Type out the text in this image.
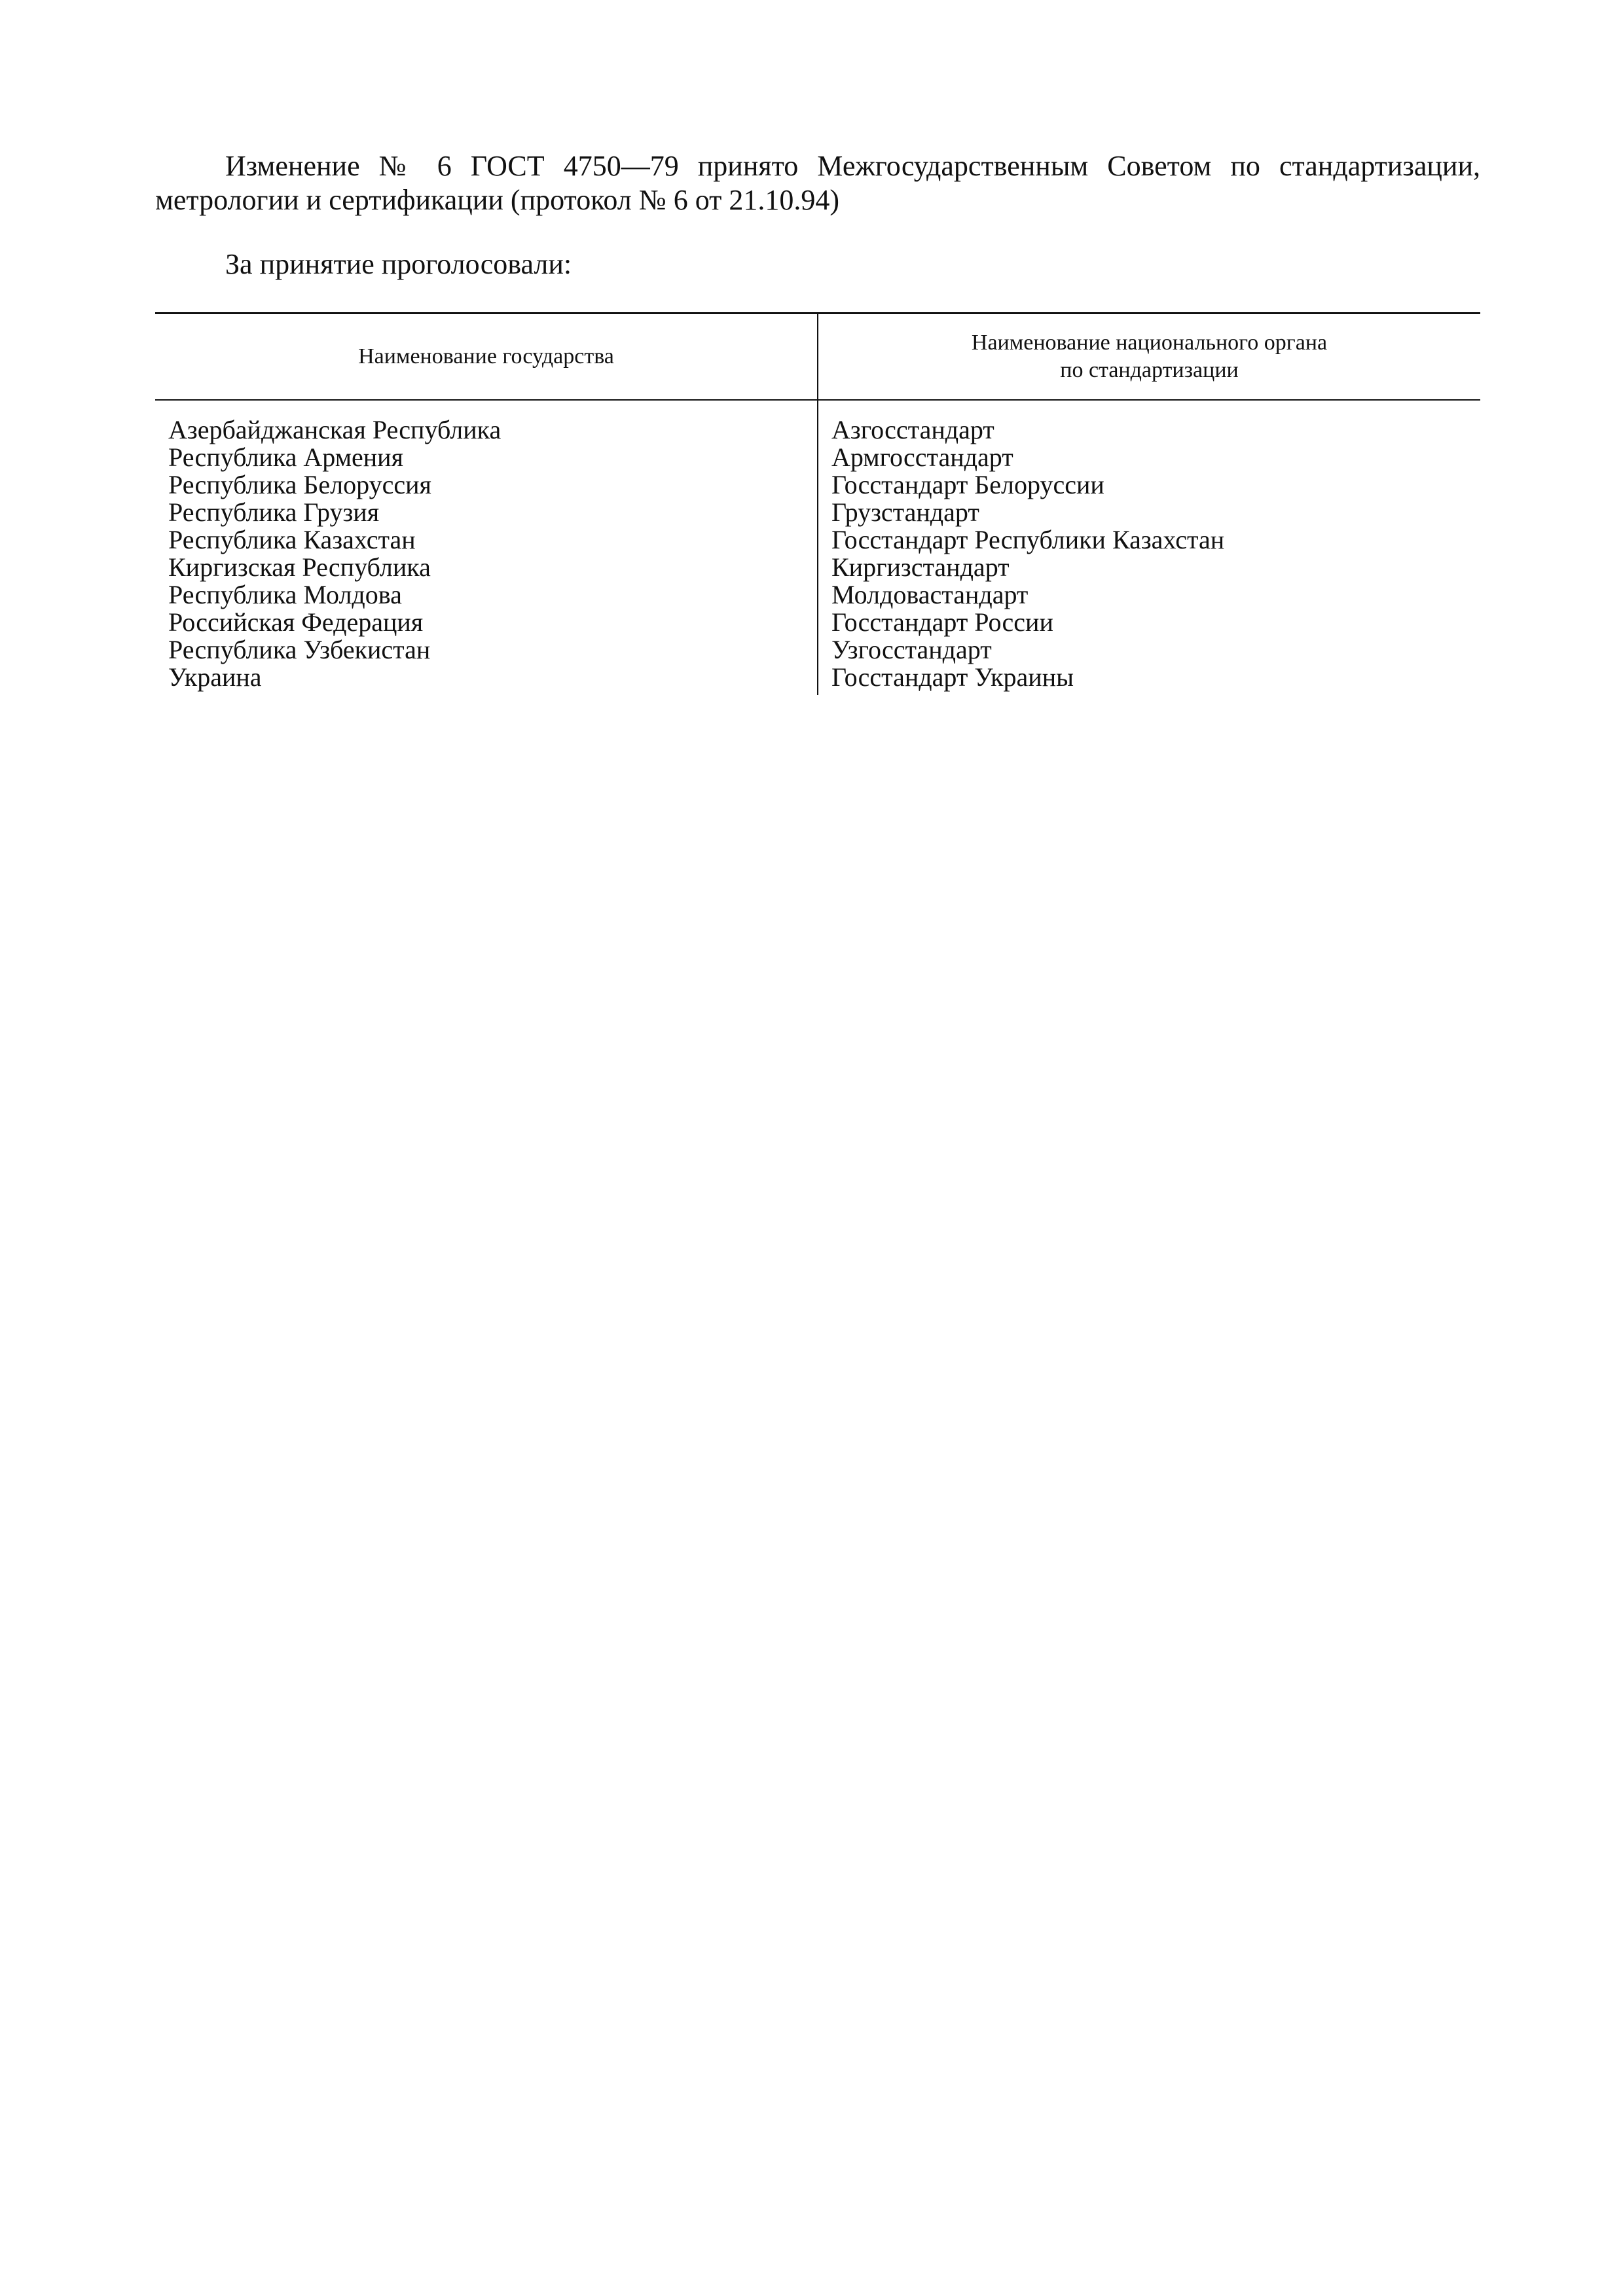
Изменение № 6 ГОСТ 4750—79 принято Межгосударственным Советом по стандартизации, метрологии и сертификации (протокол № 6 от 21.10.94)

За принятие проголосовали:

Наименование государства	Наименование национального органа
по стандартизации
Азербайджанская Республика	Азгосстандарт
Республика Армения	Армгосстандарт
Республика Белоруссия	Госстандарт Белоруссии
Республика Грузия	Грузстандарт
Республика Казахстан	Госстандарт Республики Казахстан
Киргизская Республика	Киргизстандарт
Республика Молдова	Молдовастандарт
Российская Федерация	Госстандарт России
Республика Узбекистан	Узгосстандарт
Украина	Госстандарт Украины
